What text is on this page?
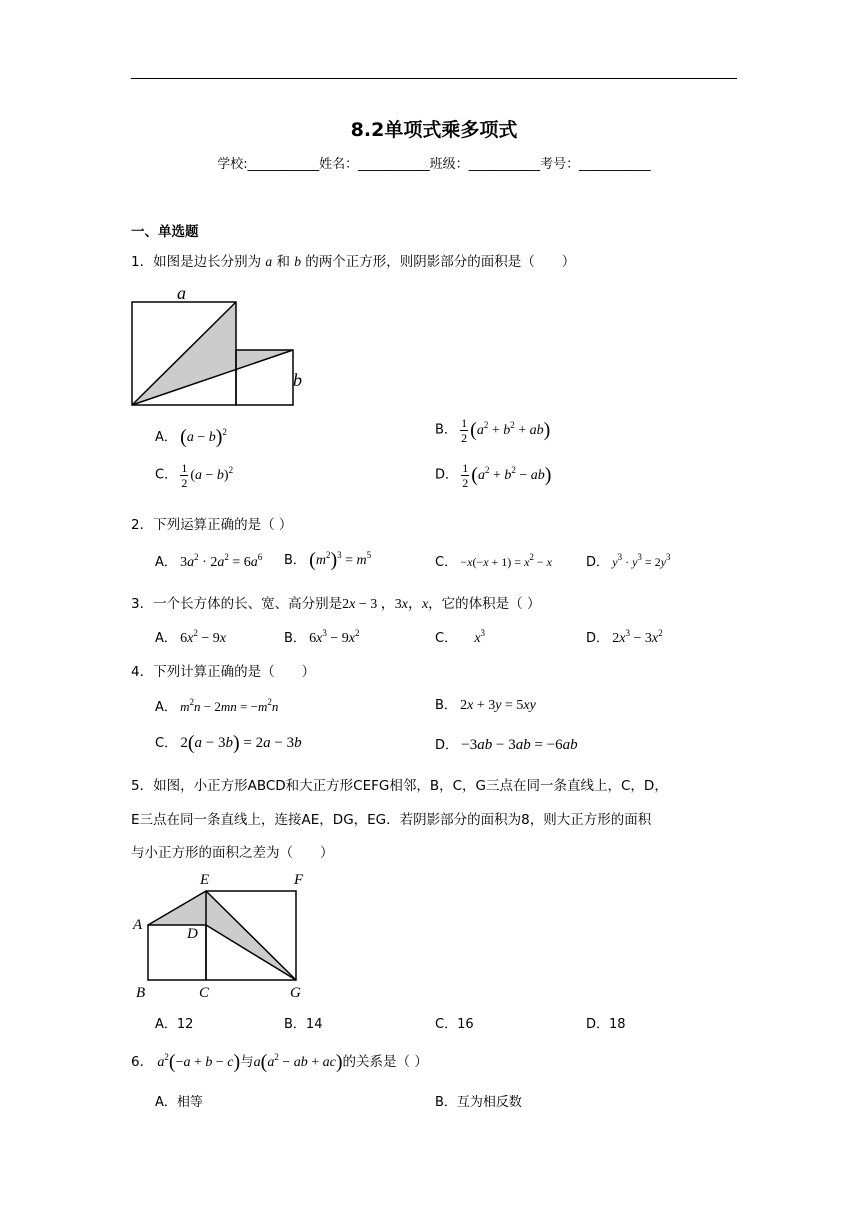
8.2单项式乘多项式
学校:___________姓名：___________班级：___________考号：___________
一、单选题
1．如图是边长分别为 a 和 b 的两个正方形，则阴影部分的面积是（　　）
a
b
A． $(a - b)^2$	B． $\frac{1}{2} (a^2 + b^2 + ab)$
C． $\frac{1}{2} (a - b)^2$	D． $\frac{1}{2} (a^2 + b^2 - ab)$
2．下列运算正确的是（ ）
A． $3a^2 \cdot 2a^2 = 6a^6$ B． $(m^2)^3 = m^5$	C． $-x(-x + 1) = x^2 - x$	D． $y^3 \cdot y^3 = 2y^3$
3．一个长方体的长、宽、高分别是2x − 3 ，3x，x，它的体积是（ ）
A． $6x^2 - 9x$	B． $6x^3 - 9x^2$	C．   $x^3$	D． $2x^3 - 3x^2$
4．下列计算正确的是（　　）
A． $m^2n - 2mn = -m^2n$	B． 2x + 3y = 5xy
C． 2(a − 3b) = 2a − 3b	D． −3ab − 3ab = −6ab
5．如图，小正方形ABCD和大正方形CEFG相邻，B，C，G三点在同一条直线上，C，D，
E三点在同一条直线上，连接AE，DG，EG．若阴影部分的面积为8，则大正方形的面积
与小正方形的面积之差为（　　）
E	F
A
D
B	C	G
A．12	B．14	C．16	D．18
6． $a^2(-a + b - c)$与$a(a^2$ − ab + ac)的关系是（ ）
A．相等	B．互为相反数
